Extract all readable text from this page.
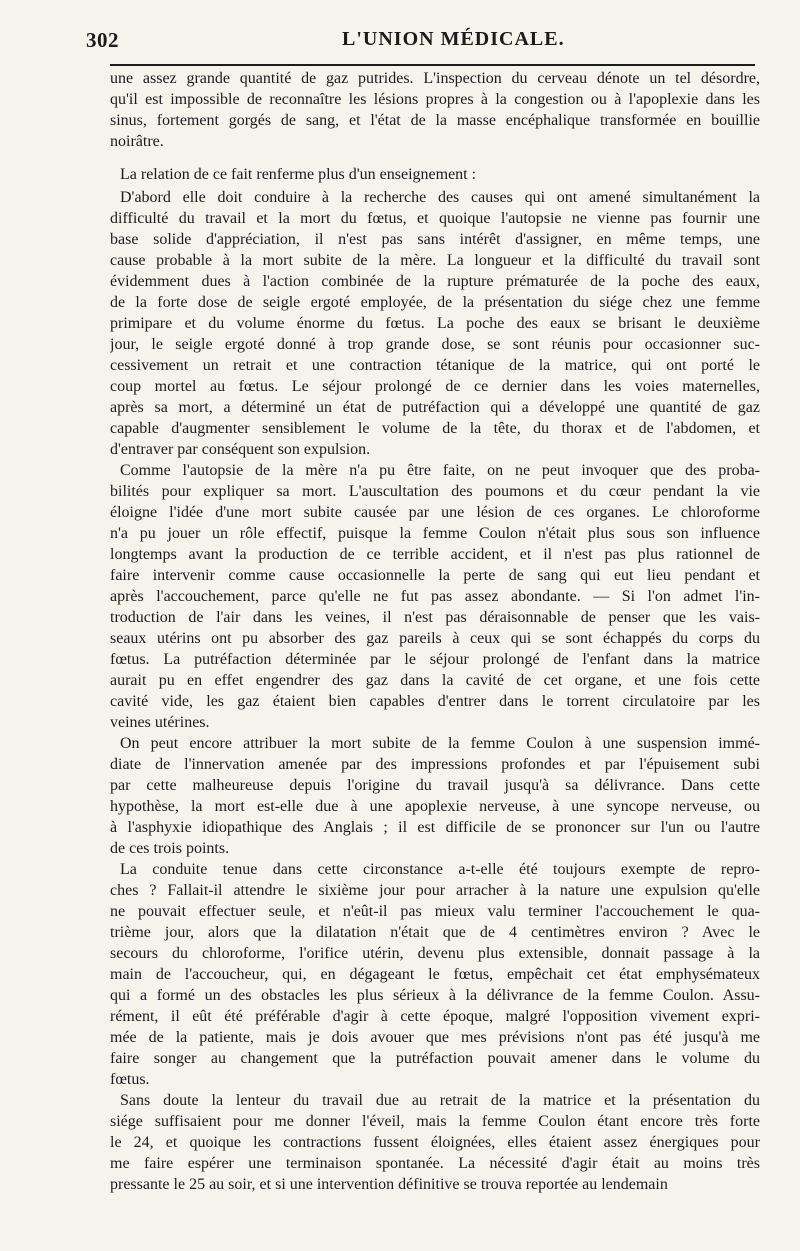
302	L'UNION MÉDICALE.
une assez grande quantité de gaz putrides. L'inspection du cerveau dénote un tel désordre,
qu'il est impossible de reconnaître les lésions propres à la congestion ou à l'apoplexie dans les
sinus, fortement gorgés de sang, et l'état de la masse encéphalique transformée en bouillie
noirâtre.
La relation de ce fait renferme plus d'un enseignement :
D'abord elle doit conduire à la recherche des causes qui ont amené simultanément la
difficulté du travail et la mort du fœtus, et quoique l'autopsie ne vienne pas fournir une
base solide d'appréciation, il n'est pas sans intérêt d'assigner, en même temps, une
cause probable à la mort subite de la mère. La longueur et la difficulté du travail sont
évidemment dues à l'action combinée de la rupture prématurée de la poche des eaux,
de la forte dose de seigle ergoté employée, de la présentation du siége chez une femme
primipare et du volume énorme du fœtus. La poche des eaux se brisant le deuxième
jour, le seigle ergoté donné à trop grande dose, se sont réunis pour occasionner suc-
cessivement un retrait et une contraction tétanique de la matrice, qui ont porté le
coup mortel au fœtus. Le séjour prolongé de ce dernier dans les voies maternelles,
après sa mort, a déterminé un état de putréfaction qui a développé une quantité de gaz
capable d'augmenter sensiblement le volume de la tête, du thorax et de l'abdomen, et
d'entraver par conséquent son expulsion.
Comme l'autopsie de la mère n'a pu être faite, on ne peut invoquer que des proba-
bilités pour expliquer sa mort. L'auscultation des poumons et du cœur pendant la vie
éloigne l'idée d'une mort subite causée par une lésion de ces organes. Le chloroforme
n'a pu jouer un rôle effectif, puisque la femme Coulon n'était plus sous son influence
longtemps avant la production de ce terrible accident, et il n'est pas plus rationnel de
faire intervenir comme cause occasionnelle la perte de sang qui eut lieu pendant et
après l'accouchement, parce qu'elle ne fut pas assez abondante. — Si l'on admet l'in-
troduction de l'air dans les veines, il n'est pas déraisonnable de penser que les vais-
seaux utérins ont pu absorber des gaz pareils à ceux qui se sont échappés du corps du
fœtus. La putréfaction déterminée par le séjour prolongé de l'enfant dans la matrice
aurait pu en effet engendrer des gaz dans la cavité de cet organe, et une fois cette
cavité vide, les gaz étaient bien capables d'entrer dans le torrent circulatoire par les
veines utérines.
On peut encore attribuer la mort subite de la femme Coulon à une suspension immé-
diate de l'innervation amenée par des impressions profondes et par l'épuisement subi
par cette malheureuse depuis l'origine du travail jusqu'à sa délivrance. Dans cette
hypothèse, la mort est-elle due à une apoplexie nerveuse, à une syncope nerveuse, ou
à l'asphyxie idiopathique des Anglais ; il est difficile de se prononcer sur l'un ou l'autre
de ces trois points.
La conduite tenue dans cette circonstance a-t-elle été toujours exempte de repro-
ches ? Fallait-il attendre le sixième jour pour arracher à la nature une expulsion qu'elle
ne pouvait effectuer seule, et n'eût-il pas mieux valu terminer l'accouchement le qua-
trième jour, alors que la dilatation n'était que de 4 centimètres environ ? Avec le
secours du chloroforme, l'orifice utérin, devenu plus extensible, donnait passage à la
main de l'accoucheur, qui, en dégageant le fœtus, empêchait cet état emphysémateux
qui a formé un des obstacles les plus sérieux à la délivrance de la femme Coulon. Assu-
rément, il eût été préférable d'agir à cette époque, malgré l'opposition vivement expri-
mée de la patiente, mais je dois avouer que mes prévisions n'ont pas été jusqu'à me
faire songer au changement que la putréfaction pouvait amener dans le volume du
fœtus.
Sans doute la lenteur du travail due au retrait de la matrice et la présentation du
siége suffisaient pour me donner l'éveil, mais la femme Coulon étant encore très forte
le 24, et quoique les contractions fussent éloignées, elles étaient assez énergiques pour
me faire espérer une terminaison spontanée. La nécessité d'agir était au moins très
pressante le 25 au soir, et si une intervention définitive se trouva reportée au lendemain
